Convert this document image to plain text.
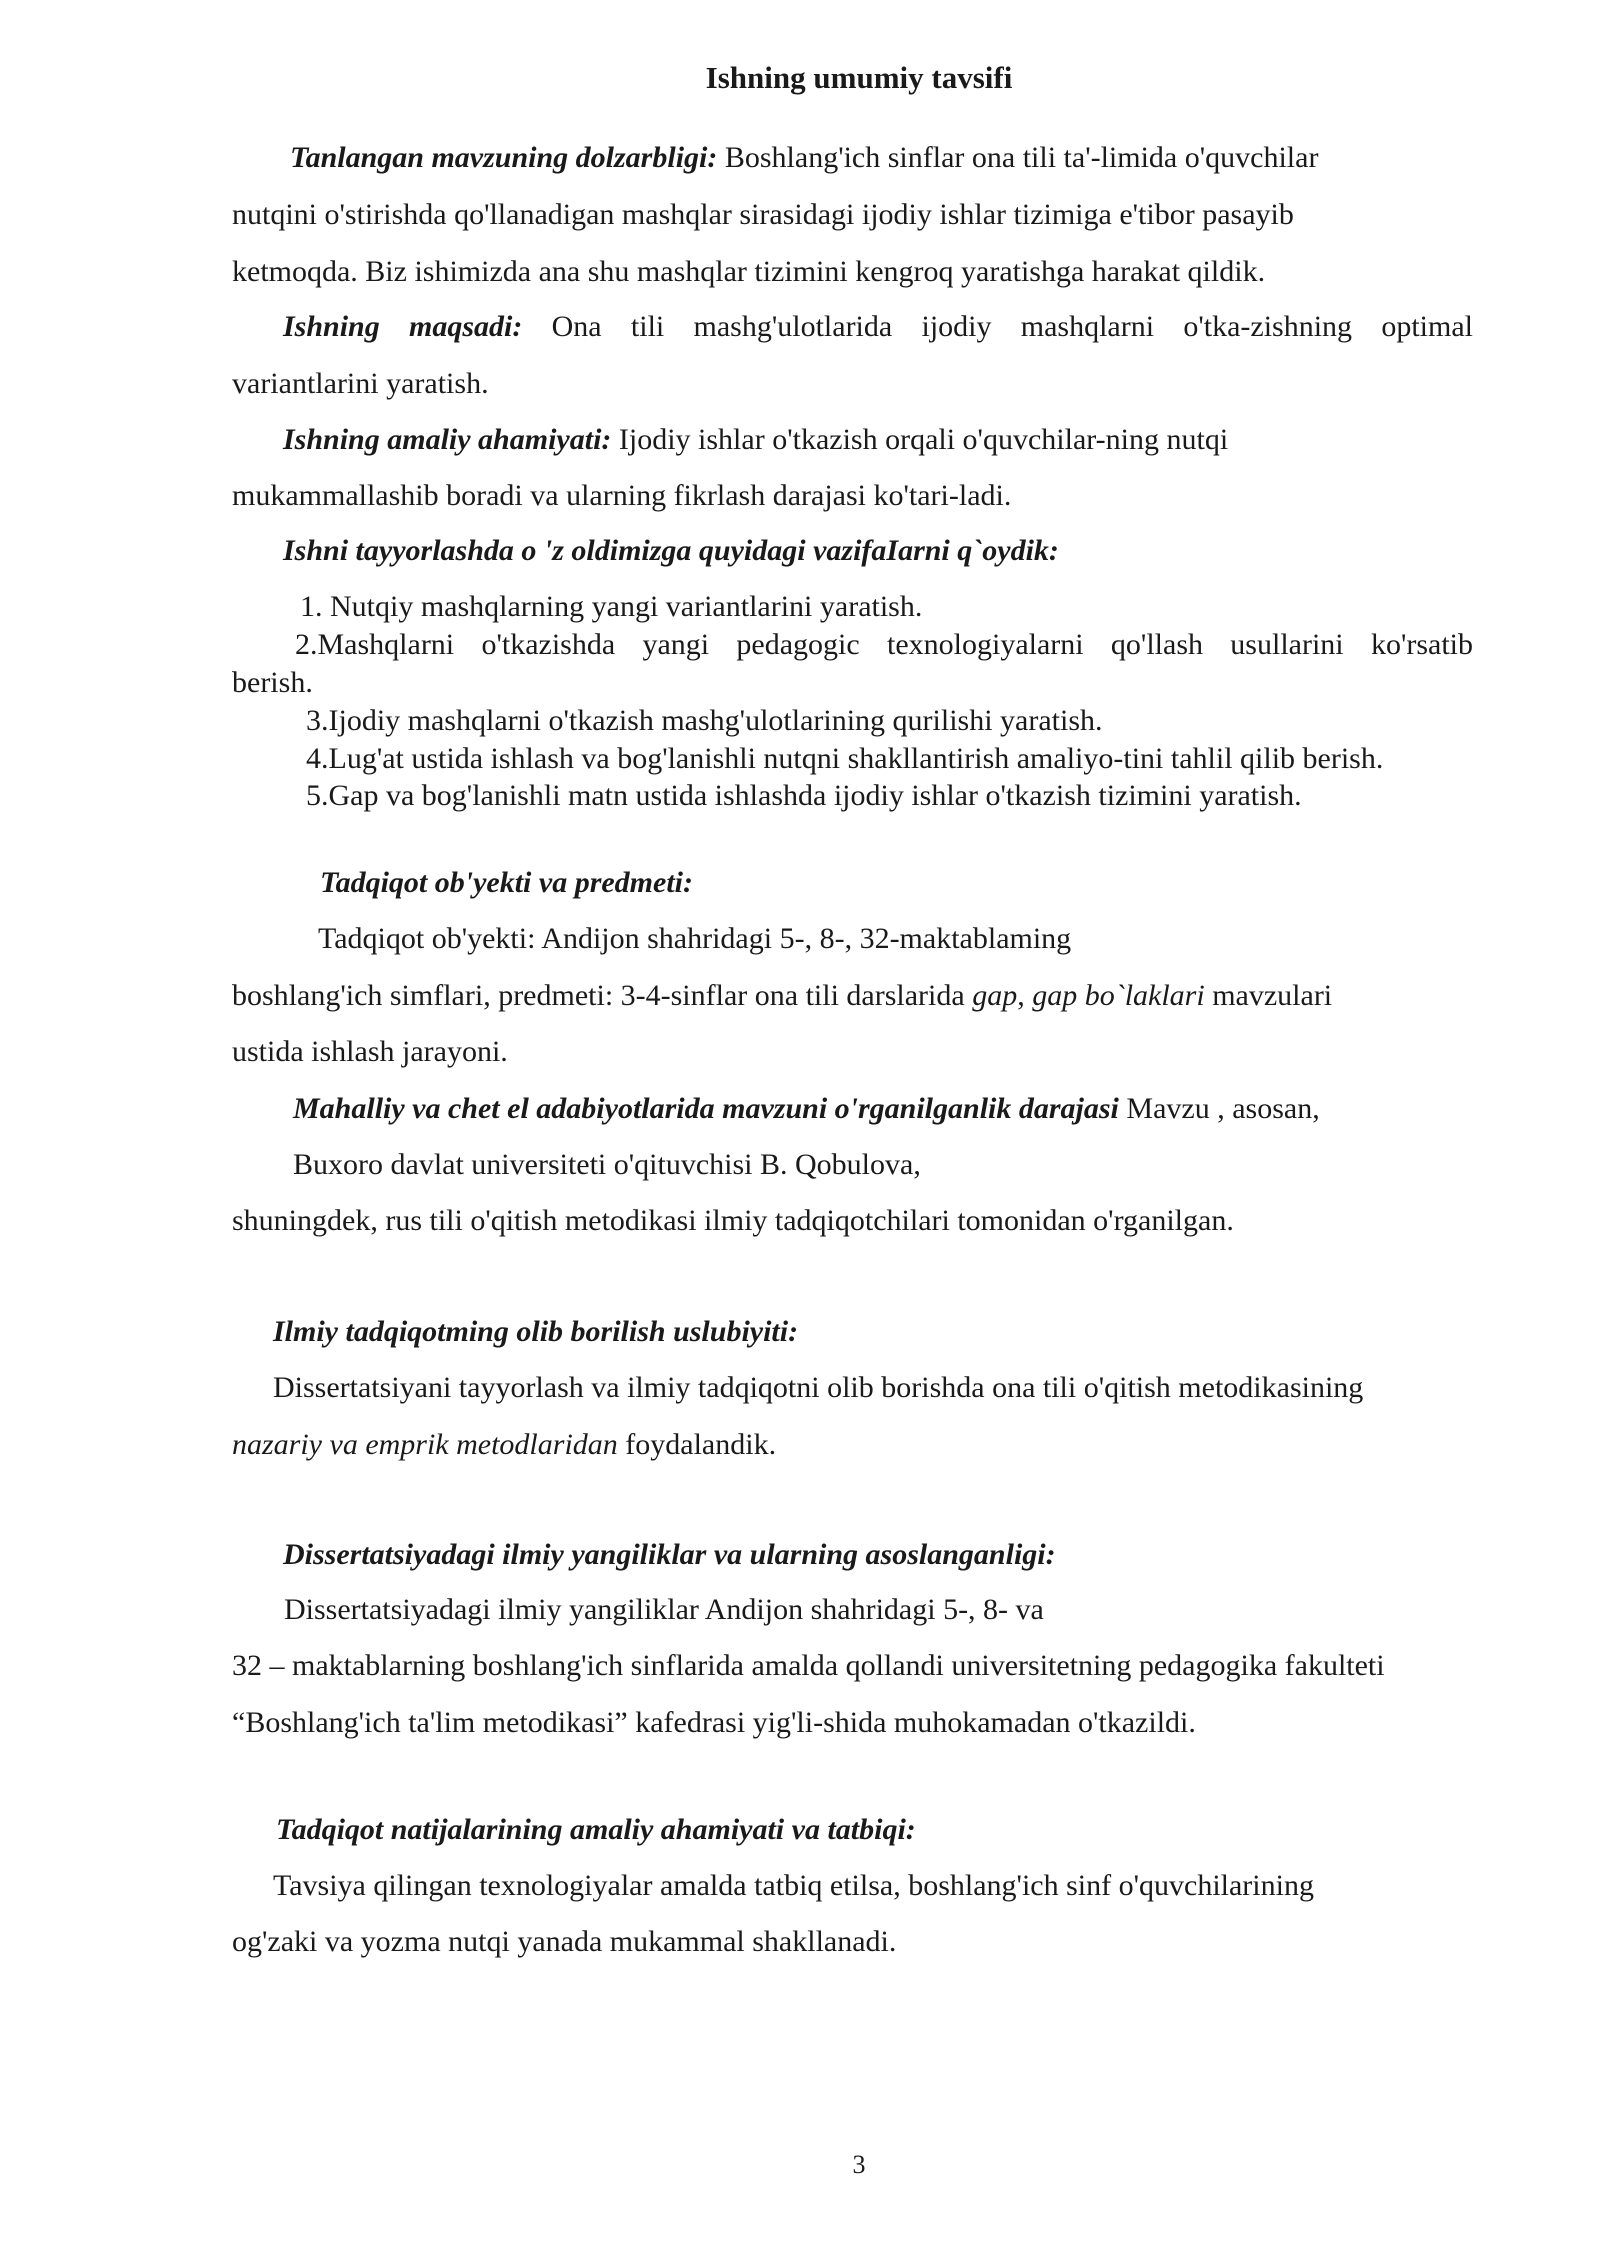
Ishning umumiy tavsifi

Tanlangan mavzuning dolzarbligi: Boshlang'ich sinflar ona tili ta'-limida o'quvchilar

nutqini o'stirishda qo'llanadigan mashqlar sirasidagi ijodiy ishlar tizimiga e'tibor pasayib

ketmoqda. Biz ishimizda ana shu mashqlar tizimini kengroq yaratishga harakat qildik.

Ishning maqsadi: Ona tili mashg'ulotlarida ijodiy mashqlarni o'tka-zishning optimal

variantlarini yaratish.

Ishning amaliy ahamiyati: Ijodiy ishlar o'tkazish orqali o'quvchilar-ning nutqi

mukammallashib boradi va ularning fikrlash darajasi ko'tari-ladi.

Ishni tayyorlashda o 'z oldimizga quyidagi vazifaIarni q`oydik:

1. Nutqiy mashqlarning yangi variantlarini yaratish.

2.Mashqlarni o'tkazishda yangi pedagogic texnologiyalarni qo'llash usullarini ko'rsatib

berish.

3.Ijodiy mashqlarni o'tkazish mashg'ulotlarining qurilishi yaratish.

4.Lug'at ustida ishlash va bog'lanishli nutqni shakllantirish amaliyo-tini tahlil qilib berish.

5.Gap va bog'lanishli matn ustida ishlashda ijodiy ishlar o'tkazish tizimini yaratish.

Tadqiqot ob'yekti va predmeti:

Tadqiqot ob'yekti: Andijon shahridagi 5-, 8-, 32-maktablaming

boshlang'ich simflari, predmeti: 3-4-sinflar ona tili darslarida gap, gap bo`laklari mavzulari

ustida ishlash jarayoni.

Mahalliy va chet el adabiyotlarida mavzuni o'rganilganlik darajasi Mavzu , asosan,

Buxoro davlat universiteti o'qituvchisi B. Qobulova,

shuningdek, rus tili o'qitish metodikasi ilmiy tadqiqotchilari tomonidan o'rganilgan.

Ilmiy tadqiqotming olib borilish uslubiyiti:

Dissertatsiyani tayyorlash va ilmiy tadqiqotni olib borishda ona tili o'qitish metodikasining

nazariy va emprik metodlaridan foydalandik.

Dissertatsiyadagi ilmiy yangiliklar va ularning asoslanganligi:

Dissertatsiyadagi ilmiy yangiliklar Andijon shahridagi 5-, 8- va

32 – maktablarning boshlang'ich sinflarida amalda qollandi universitetning pedagogika fakulteti

“Boshlang'ich ta'lim metodikasi” kafedrasi yig'li-shida muhokamadan o'tkazildi.

Tadqiqot natijalarining amaliy ahamiyati va tatbiqi:

Tavsiya qilingan texnologiyalar amalda tatbiq etilsa, boshlang'ich sinf o'quvchilarining

og'zaki va yozma nutqi yanada mukammal shakllanadi.

3
